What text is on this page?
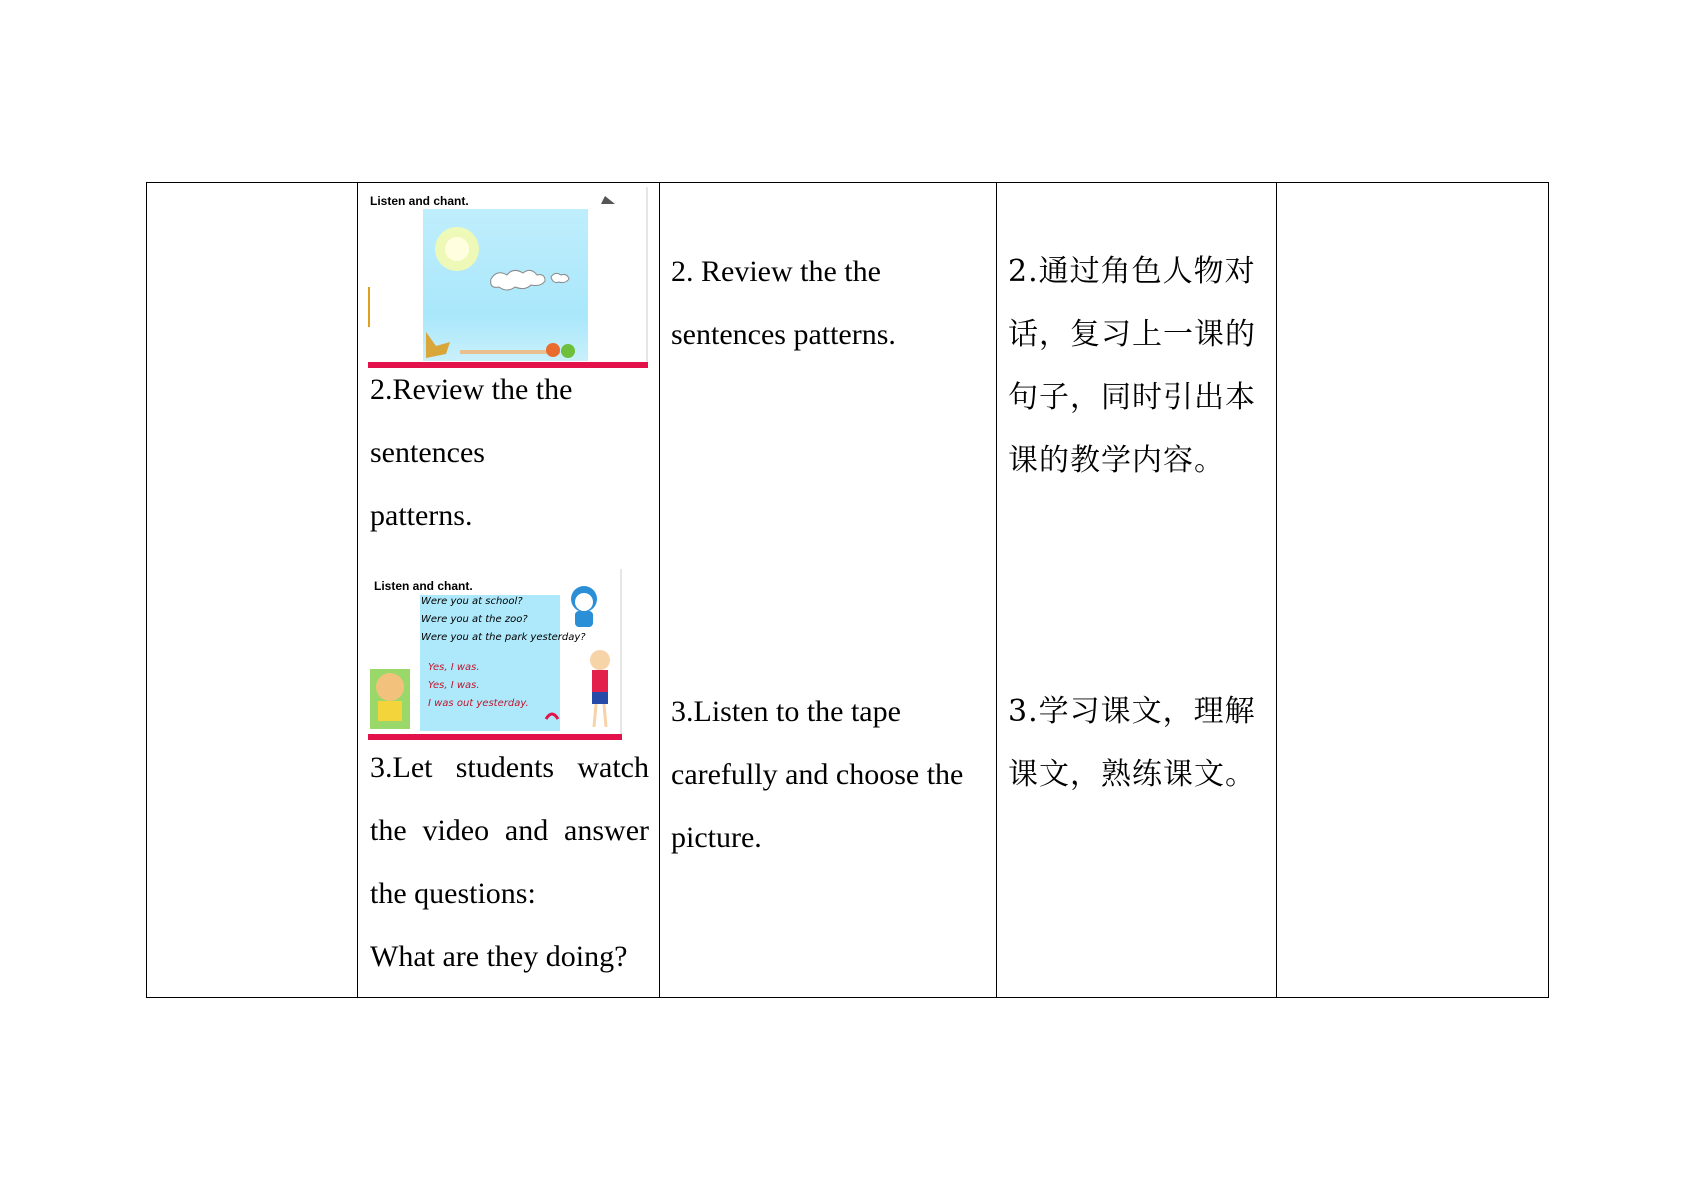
Listen and chant.
2.Review the the
sentences
patterns.
Listen and chant.
Were you at school?
Were you at the zoo?
Were you at the park yesterday?
Yes, I was.
Yes, I was.
I was out yesterday.
3.Let students watch
the video and answer
the questions:
What are they doing?
2. Review the the
sentences patterns.
3.Listen to the tape
carefully and choose the
picture.
2.通过角色人物对
话，复习上一课的
句子，同时引出本
课的教学内容。
3.学习课文，理解
课文，熟练课文。
